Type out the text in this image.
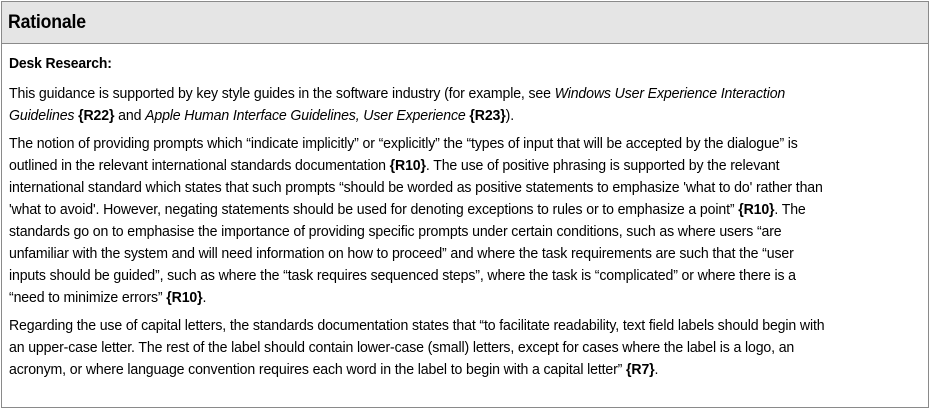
Rationale
Desk Research:
This guidance is supported by key style guides in the software industry (for example, see Windows User Experience Interaction
Guidelines {R22} and Apple Human Interface Guidelines, User Experience {R23}).
The notion of providing prompts which “indicate implicitly” or “explicitly” the “types of input that will be accepted by the dialogue” is
outlined in the relevant international standards documentation {R10}. The use of positive phrasing is supported by the relevant
international standard which states that such prompts “should be worded as positive statements to emphasize 'what to do' rather than
'what to avoid'. However, negating statements should be used for denoting exceptions to rules or to emphasize a point” {R10}. The
standards go on to emphasise the importance of providing specific prompts under certain conditions, such as where users “are
unfamiliar with the system and will need information on how to proceed” and where the task requirements are such that the “user
inputs should be guided”, such as where the “task requires sequenced steps”, where the task is “complicated” or where there is a
“need to minimize errors” {R10}.
Regarding the use of capital letters, the standards documentation states that “to facilitate readability, text field labels should begin with
an upper-case letter. The rest of the label should contain lower-case (small) letters, except for cases where the label is a logo, an
acronym, or where language convention requires each word in the label to begin with a capital letter” {R7}.
